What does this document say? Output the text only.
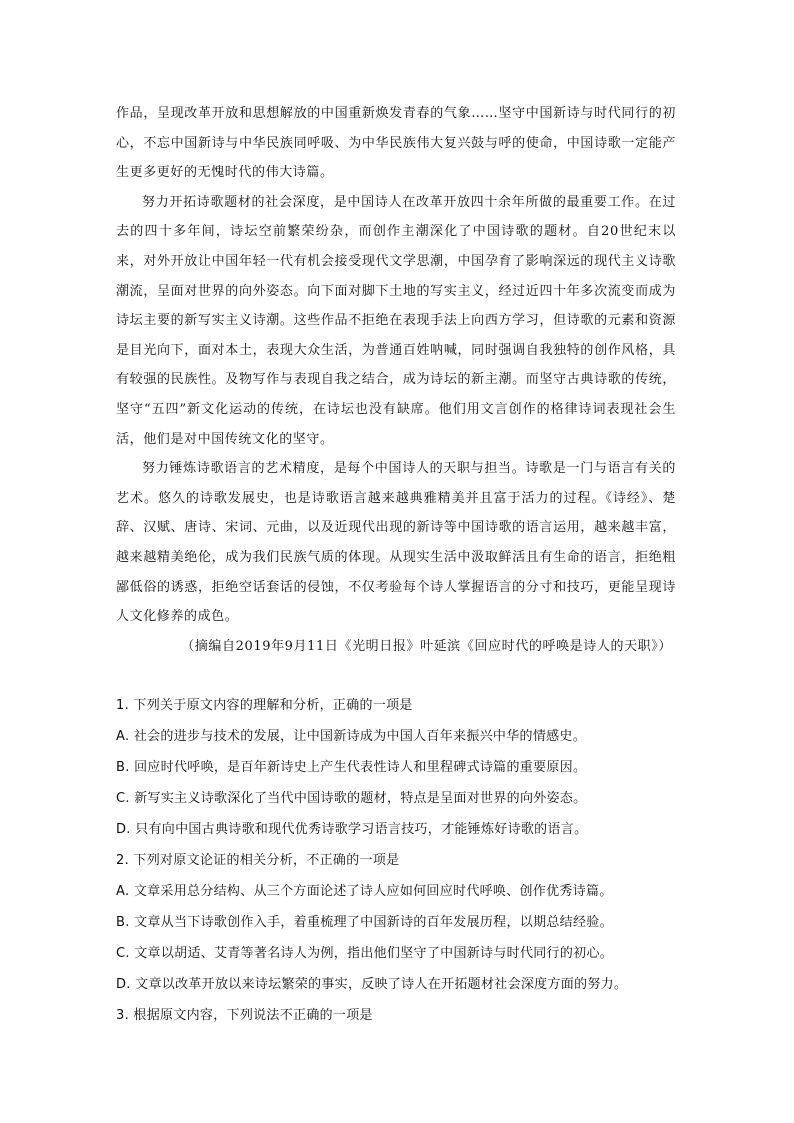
作品，呈现改革开放和思想解放的中国重新焕发青春的气象……坚守中国新诗与时代同行的初心，不忘中国新诗与中华民族同呼吸、为中华民族伟大复兴鼓与呼的使命，中国诗歌一定能产生更多更好的无愧时代的伟大诗篇。

努力开拓诗歌题材的社会深度，是中国诗人在改革开放四十余年所做的最重要工作。在过去的四十多年间，诗坛空前繁荣纷杂，而创作主潮深化了中国诗歌的题材。自20世纪末以来，对外开放让中国年轻一代有机会接受现代文学思潮，中国孕育了影响深远的现代主义诗歌潮流，呈面对世界的向外姿态。向下面对脚下土地的写实主义，经过近四十年多次流变而成为诗坛主要的新写实主义诗潮。这些作品不拒绝在表现手法上向西方学习，但诗歌的元素和资源是目光向下，面对本土，表现大众生活，为普通百姓呐喊，同时强调自我独特的创作风格，具有较强的民族性。及物写作与表现自我之结合，成为诗坛的新主潮。而坚守古典诗歌的传统，坚守“五四”新文化运动的传统，在诗坛也没有缺席。他们用文言创作的格律诗词表现社会生活，他们是对中国传统文化的坚守。

努力锤炼诗歌语言的艺术精度，是每个中国诗人的天职与担当。诗歌是一门与语言有关的艺术。悠久的诗歌发展史，也是诗歌语言越来越典雅精美并且富于活力的过程。《诗经》、楚辞、汉赋、唐诗、宋词、元曲，以及近现代出现的新诗等中国诗歌的语言运用，越来越丰富，越来越精美绝伦，成为我们民族气质的体现。从现实生活中汲取鲜活且有生命的语言，拒绝粗鄙低俗的诱惑，拒绝空话套话的侵蚀，不仅考验每个诗人掌握语言的分寸和技巧，更能呈现诗人文化修养的成色。

（摘编自2019年9月11日《光明日报》叶延滨《回应时代的呼唤是诗人的天职》）

1. 下列关于原文内容的理解和分析，正确的一项是
A. 社会的进步与技术的发展，让中国新诗成为中国人百年来振兴中华的情感史。
B. 回应时代呼唤，是百年新诗史上产生代表性诗人和里程碑式诗篇的重要原因。
C. 新写实主义诗歌深化了当代中国诗歌的题材，特点是呈面对世界的向外姿态。
D. 只有向中国古典诗歌和现代优秀诗歌学习语言技巧，才能锤炼好诗歌的语言。
2. 下列对原文论证的相关分析，不正确的一项是
A. 文章采用总分结构、从三个方面论述了诗人应如何回应时代呼唤、创作优秀诗篇。
B. 文章从当下诗歌创作入手，着重梳理了中国新诗的百年发展历程，以期总结经验。
C. 文章以胡适、艾青等著名诗人为例，指出他们坚守了中国新诗与时代同行的初心。
D. 文章以改革开放以来诗坛繁荣的事实，反映了诗人在开拓题材社会深度方面的努力。
3. 根据原文内容，下列说法不正确的一项是
